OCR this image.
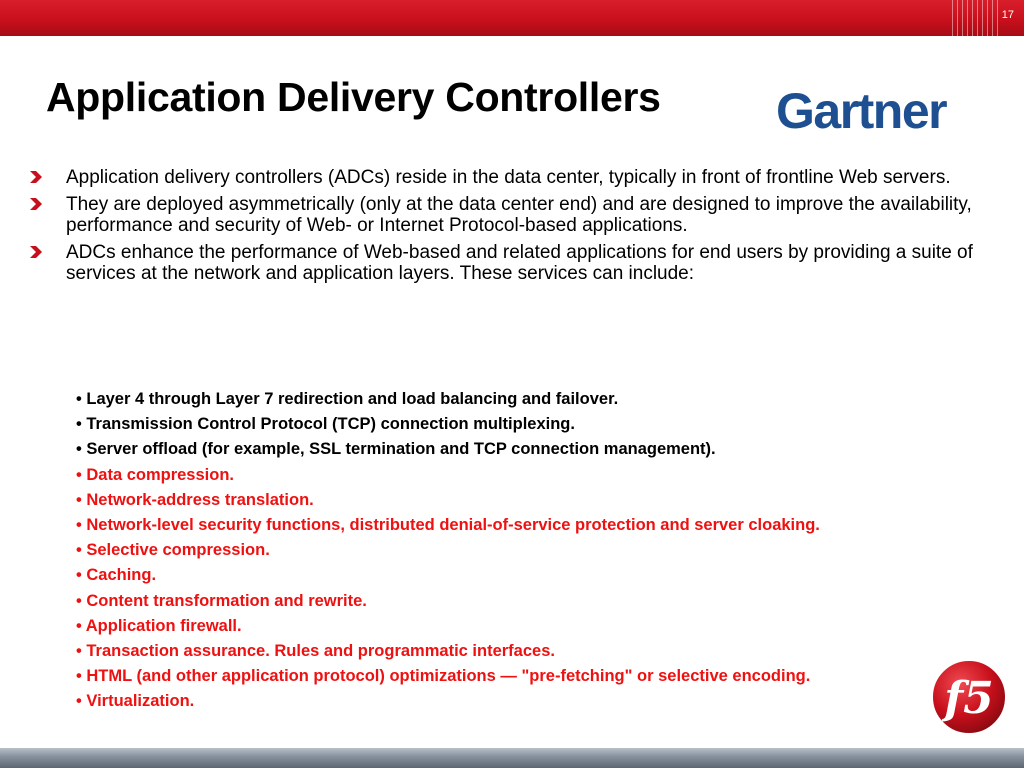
17
Application Delivery Controllers Gartner
Application delivery controllers (ADCs) reside in the data center, typically in front of frontline Web servers.
They are deployed asymmetrically (only at the data center end) and are designed to improve the availability, performance and security of Web- or Internet Protocol-based applications.
ADCs enhance the performance of Web-based and related applications for end users by providing a suite of services at the network and application layers. These services can include:
• Layer 4 through Layer 7 redirection and load balancing and failover.
• Transmission Control Protocol (TCP) connection multiplexing.
• Server offload (for example, SSL termination and TCP connection management).
• Data compression.
• Network-address translation.
• Network-level security functions, distributed denial-of-service protection and server cloaking.
• Selective compression.
• Caching.
• Content transformation and rewrite.
• Application firewall.
• Transaction assurance. Rules and programmatic interfaces.
• HTML (and other application protocol) optimizations — "pre-fetching" or selective encoding.
• Virtualization.	f5
